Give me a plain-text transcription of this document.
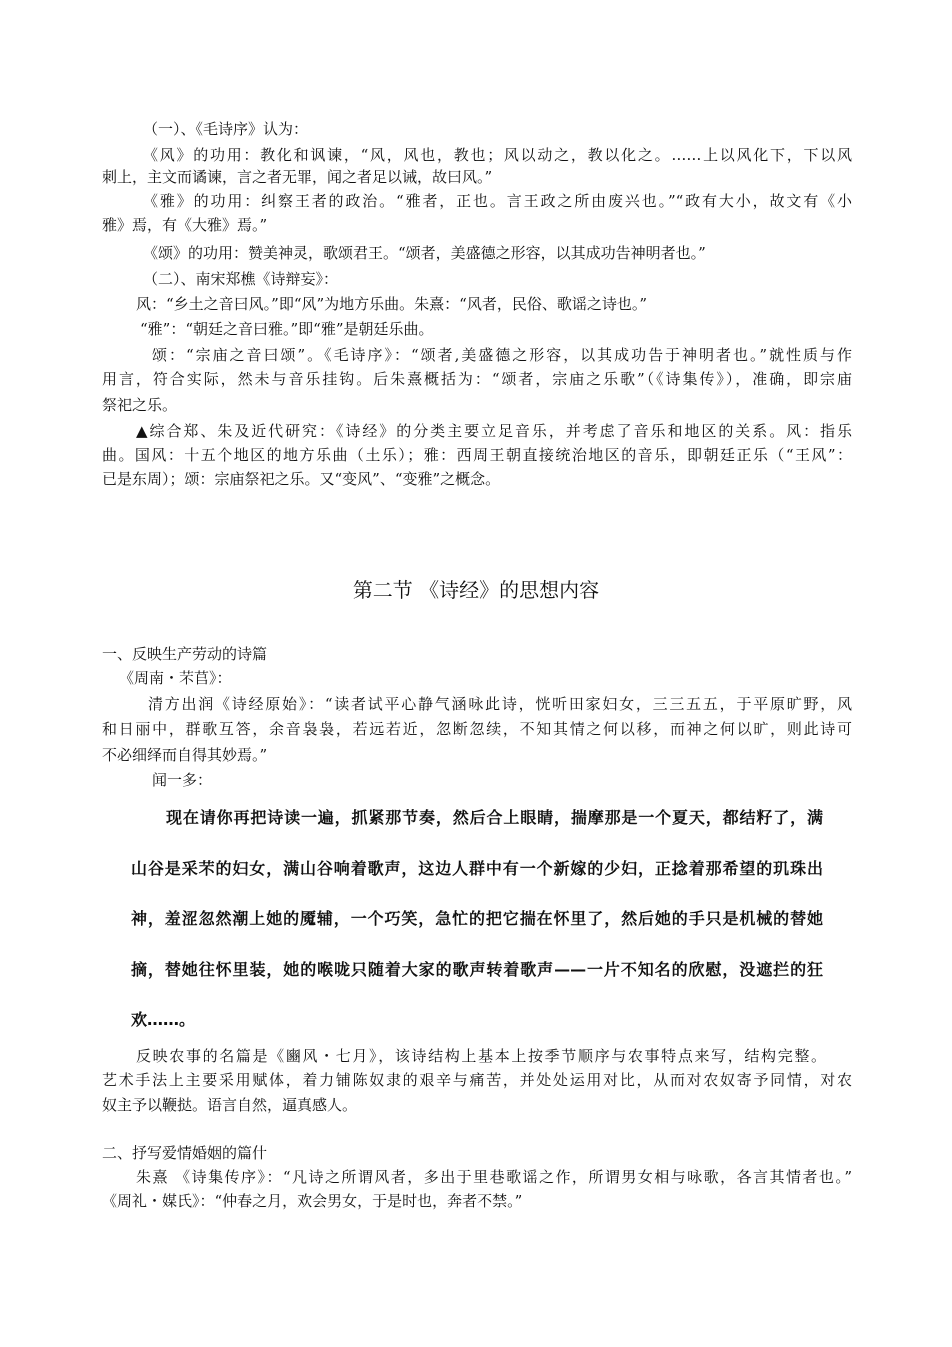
（一）、《毛诗序》认为：
《风》的功用：教化和讽谏，“风，风也，教也；风以动之，教以化之。……上以风化下，下以风
刺上，主文而谲谏，言之者无罪，闻之者足以诫，故曰风。”
《雅》的功用：纠察王者的政治。“雅者，正也。言王政之所由废兴也。”“政有大小，故文有《小
雅》焉，有《大雅》焉。”
《颂》的功用：赞美神灵，歌颂君王。“颂者，美盛德之形容，以其成功告神明者也。”
（二）、南宋郑樵《诗辩妄》：
风：“乡土之音曰风。”即“风”为地方乐曲。朱熹：“风者，民俗、歌谣之诗也。”
“雅”：“朝廷之音曰雅。”即“雅”是朝廷乐曲。
颂：“宗庙之音曰颂”。《毛诗序》：“颂者,美盛德之形容，以其成功告于神明者也。”就性质与作
用言，符合实际，然未与音乐挂钩。后朱熹概括为：“颂者，宗庙之乐歌”（《诗集传》），准确，即宗庙
祭祀之乐。
▲综合郑、朱及近代研究：《诗经》的分类主要立足音乐，并考虑了音乐和地区的关系。风：指乐
曲。国风：十五个地区的地方乐曲（土乐）；雅：西周王朝直接统治地区的音乐，即朝廷正乐（“王风”：
已是东周）；颂：宗庙祭祀之乐。又“变风”、“变雅”之概念。
第二节 《诗经》的思想内容
一、反映生产劳动的诗篇
《周南・芣苢》：
清方出润《诗经原始》：“读者试平心静气涵咏此诗，恍听田家妇女，三三五五，于平原旷野，风
和日丽中，群歌互答，余音袅袅，若远若近，忽断忽续，不知其情之何以移，而神之何以旷，则此诗可
不必细绎而自得其妙焉。”
闻一多：
现在请你再把诗读一遍，抓紧那节奏，然后合上眼睛，揣摩那是一个夏天，都结籽了，满
山谷是采芣的妇女，满山谷响着歌声，这边人群中有一个新嫁的少妇，正捻着那希望的玑珠出
神，羞涩忽然潮上她的魇辅，一个巧笑，急忙的把它揣在怀里了，然后她的手只是机械的替她
摘，替她往怀里装，她的喉咙只随着大家的歌声转着歌声——一片不知名的欣慰，没遮拦的狂
欢……。
反映农事的名篇是《豳风・七月》，该诗结构上基本上按季节顺序与农事特点来写，结构完整。
艺术手法上主要采用赋体，着力铺陈奴隶的艰辛与痛苦，并处处运用对比，从而对农奴寄予同情，对农
奴主予以鞭挞。语言自然，逼真感人。
二、抒写爱情婚姻的篇什
朱熹 《诗集传序》：“凡诗之所谓风者，多出于里巷歌谣之作，所谓男女相与咏歌，各言其情者也。”
《周礼・媒氏》：“仲春之月，欢会男女，于是时也，奔者不禁。”
